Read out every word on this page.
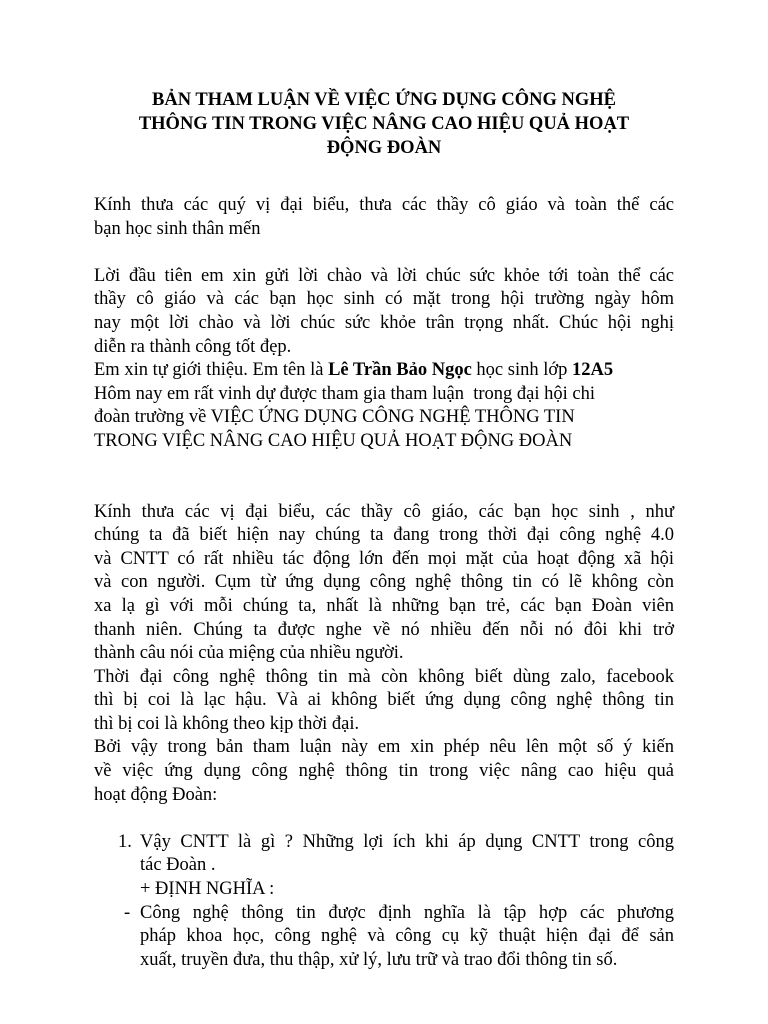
BẢN THAM LUẬN VỀ VIỆC ỨNG DỤNG CÔNG NGHỆ
THÔNG TIN TRONG VIỆC NÂNG CAO HIỆU QUẢ HOẠT
ĐỘNG ĐOÀN
Kính thưa các quý vị đại biểu, thưa các thầy cô giáo và toàn thể các
bạn học sinh thân mến
Lời đầu tiên em xin gửi lời chào và lời chúc sức khỏe tới toàn thể các
thầy cô giáo và các bạn học sinh có mặt trong hội trường ngày hôm
nay một lời chào và lời chúc sức khỏe trân trọng nhất. Chúc hội nghị
diễn ra thành công tốt đẹp.
Em xin tự giới thiệu. Em tên là Lê Trần Bảo Ngọc học sinh lớp 12A5
Hôm nay em rất vinh dự được tham gia tham luận  trong đại hội chi
đoàn trường về VIỆC ỨNG DỤNG CÔNG NGHỆ THÔNG TIN
TRONG VIỆC NÂNG CAO HIỆU QUẢ HOẠT ĐỘNG ĐOÀN
Kính thưa các vị đại biểu, các thầy cô giáo, các bạn học sinh , như
chúng ta đã biết hiện nay chúng ta đang trong thời đại công nghệ 4.0
và CNTT có rất nhiều tác động lớn đến mọi mặt của hoạt động xã hội
và con người. Cụm từ ứng dụng công nghệ thông tin có lẽ không còn
xa lạ gì với mỗi chúng ta, nhất là những bạn trẻ, các bạn Đoàn viên
thanh niên. Chúng ta được nghe về nó nhiều đến nỗi nó đôi khi trở
thành câu nói của miệng của nhiều người.
Thời đại công nghệ thông tin mà còn không biết dùng zalo, facebook
thì bị coi là lạc hậu. Và ai không biết ứng dụng công nghệ thông tin
thì bị coi là không theo kịp thời đại.
Bởi vậy trong bản tham luận này em xin phép nêu lên một số ý kiến
về việc ứng dụng công nghệ thông tin trong việc nâng cao hiệu quả
hoạt động Đoàn:
1. Vậy CNTT là gì ? Những lợi ích khi áp dụng CNTT trong công
tác Đoàn .
+ ĐỊNH NGHĨA :
- Công nghệ thông tin được định nghĩa là tập hợp các phương
pháp khoa học, công nghệ và công cụ kỹ thuật hiện đại để sản
xuất, truyền đưa, thu thập, xử lý, lưu trữ và trao đổi thông tin số.
